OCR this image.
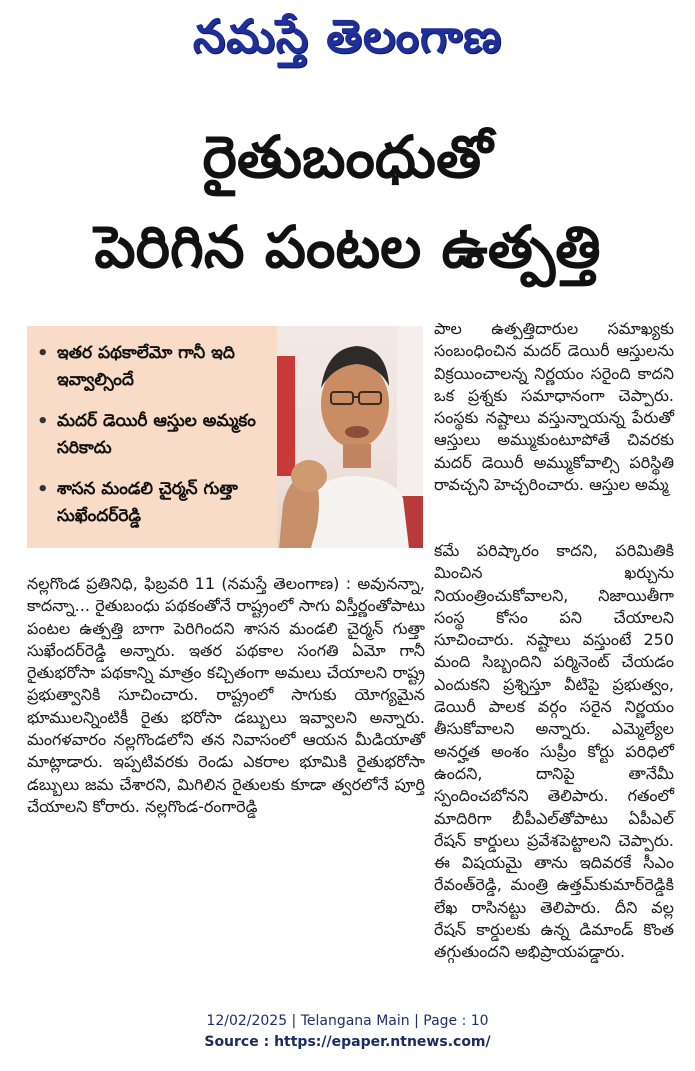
నమస్తే తెలంగాణ
రైతుబంధుతో
పెరిగిన పంటల ఉత్పత్తి
• ఇతర పథకాలేమో గానీ ఇది ఇవ్వాల్సిందే
• మదర్ డెయిరీ ఆస్తుల అమ్మకం సరికాదు
• శాసన మండలి చైర్మన్ గుత్తా సుఖేందర్‌రెడ్డి
పాల ఉత్పత్తిదారుల సమాఖ్యకు సంబంధించిన మదర్ డెయిరీ ఆస్తులను విక్రయించాలన్న నిర్ణయం సరైంది కాదని ఒక ప్రశ్నకు సమాధానంగా చెప్పారు. సంస్థకు నష్టాలు వస్తున్నాయన్న పేరుతో ఆస్తులు అమ్ముకుంటూపోతే చివరకు మదర్ డెయిరీ అమ్ముకోవాల్సి పరిస్థితి రావచ్చని హెచ్చరించారు. ఆస్తుల అమ్మ
నల్లగొండ ప్రతినిధి, ఫిబ్రవరి 11 (నమస్తే తెలంగాణ) : అవునన్నా, కాదన్నా... రైతుబంధు పథకంతోనే రాష్ట్రంలో సాగు విస్తీర్ణంతోపాటు పంటల ఉత్పత్తి బాగా పెరిగిందని శాసన మండలి చైర్మన్ గుత్తా సుఖేందర్‌రెడ్డి అన్నారు. ఇతర పథకాల సంగతి ఏమో గానీ రైతుభరోసా పథకాన్ని మాత్రం కచ్చితంగా అమలు చేయాలని రాష్ట్ర ప్రభుత్వానికి సూచించారు. రాష్ట్రంలో సాగుకు యోగ్యమైన భూములన్నింటికీ రైతు భరోసా డబ్బులు ఇవ్వాలని అన్నారు. మంగళవారం నల్లగొండలోని తన నివాసంలో ఆయన మీడియాతో మాట్లాడారు. ఇప్పటివరకు రెండు ఎకరాల భూమికి రైతుభరోసా డబ్బులు జమ చేశారని, మిగిలిన రైతులకు కూడా త్వరలోనే పూర్తి చేయాలని కోరారు. నల్లగొండ-రంగారెడ్డి
కమే పరిష్కారం కాదని, పరిమితికి మించిన ఖర్చును నియంత్రించుకోవాలని, నిజాయితీగా సంస్థ కోసం పని చేయాలని సూచించారు. నష్టాలు వస్తుంటే 250 మంది సిబ్బందిని పర్మినెంట్ చేయడం ఎందుకని ప్రశ్నిస్తూ వీటిపై ప్రభుత్వం, డెయిరీ పాలక వర్గం సరైన నిర్ణయం తీసుకోవాలని అన్నారు. ఎమ్మెల్యేల అనర్హత అంశం సుప్రీం కోర్టు పరిధిలో ఉందని, దానిపై తానేమీ స్పందించబోనని తెలిపారు. గతంలో మాదిరిగా బీపీఎల్‌తోపాటు ఏపీఎల్ రేషన్ కార్డులు ప్రవేశపెట్టాలని చెప్పారు. ఈ విషయమై తాను ఇదివరకే సీఎం రేవంత్‌రెడ్డి, మంత్రి ఉత్తమ్‌కుమార్‌రెడ్డికి లేఖ రాసినట్టు తెలిపారు. దీని వల్ల రేషన్ కార్డులకు ఉన్న డిమాండ్ కొంత తగ్గుతుందని అభిప్రాయపడ్డారు.
12/02/2025 | Telangana Main | Page : 10
Source : https://epaper.ntnews.com/
